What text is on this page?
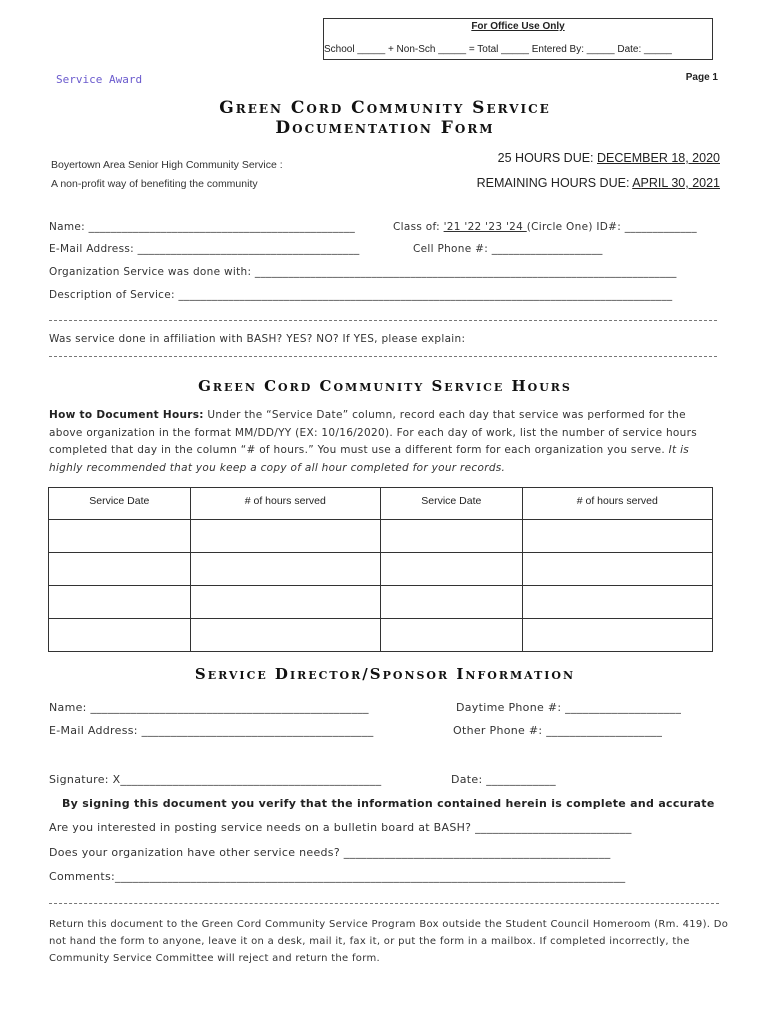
For Office Use Only
School _____ + Non-Sch _____ = Total _____ Entered By: _____ Date: _____
Service Award	Page 1
Green Cord Community Service
Documentation Form
Boyertown Area Senior High Community Service :
A non-profit way of benefiting the community
25 HOURS DUE: DECEMBER 18, 2020
REMAINING HOURS DUE: APRIL 30, 2021
Name: ________________________________________________	Class of: '21 '22 '23 '24 (Circle One) ID#: _____________
E-Mail Address: ________________________________________	Cell Phone #: ____________________
Organization Service was done with: ____________________________________________________________________________
Description of Service: _________________________________________________________________________________________
Was service done in affiliation with BASH? YES? NO? If YES, please explain:
Green Cord Community Service Hours
How to Document Hours: Under the “Service Date” column, record each day that service was performed for the above organization in the format MM/DD/YY (EX: 10/16/2020). For each day of work, list the number of service hours completed that day in the column “# of hours.” You must use a different form for each organization you serve. It is highly recommended that you keep a copy of all hour completed for your records.
Service Date	# of hours served	Service Date	# of hours served

Service Director/Sponsor Information
Name: ________________________________________________	Daytime Phone #: ____________________
E-Mail Address: ________________________________________	Other Phone #: ____________________
Signature: X_____________________________________________	Date: ____________
By signing this document you verify that the information contained herein is complete and accurate
Are you interested in posting service needs on a bulletin board at BASH? ___________________________
Does your organization have other service needs? ______________________________________________
Comments:________________________________________________________________________________________
Return this document to the Green Cord Community Service Program Box outside the Student Council Homeroom (Rm. 419). Do not hand the form to anyone, leave it on a desk, mail it, fax it, or put the form in a mailbox. If completed incorrectly, the Community Service Committee will reject and return the form.
